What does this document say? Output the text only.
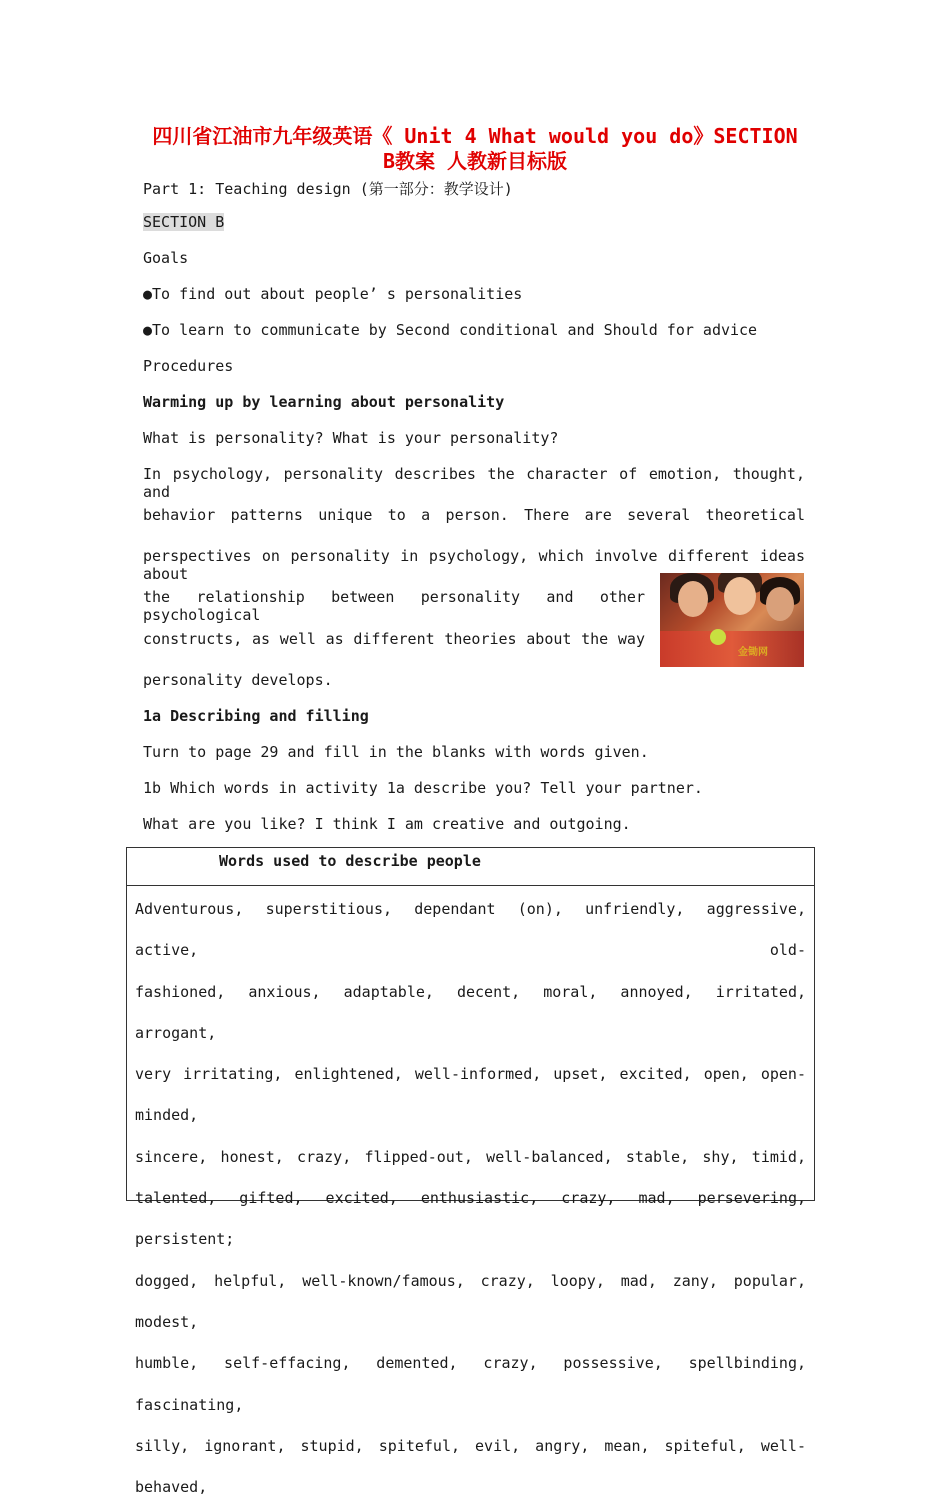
四川省江油市九年级英语《 Unit 4 What would you do》SECTION
B教案 人教新目标版
Part 1: Teaching design (第一部分：教学设计)
SECTION B
Goals
●To find out about people’ s personalities
●To learn to communicate by Second conditional and Should for advice
Procedures
Warming up by learning about personality
What is personality? What is your personality?
In psychology, personality describes the character of emotion, thought, and
behavior patterns unique to a person. There are several theoretical
perspectives on personality in psychology, which involve different ideas about
the relationship between personality and other psychological
constructs, as well as different theories about the way
personality develops.
金锄网
1a Describing and filling
Turn to page 29 and fill in the blanks with words given.
1b Which words in activity 1a describe you? Tell your partner.
What are you like? I think I am creative and outgoing.
Words used to describe people
Adventurous, superstitious, dependant (on), unfriendly, aggressive, active, old-
fashioned, anxious, adaptable, decent, moral, annoyed, irritated, arrogant,
very irritating, enlightened, well-informed, upset, excited, open, open-minded,
sincere, honest, crazy, flipped-out, well-balanced, stable, shy, timid,
talented, gifted, excited, enthusiastic, crazy, mad, persevering, persistent;
dogged, helpful, well-known/famous, crazy, loopy, mad, zany, popular, modest,
humble, self-effacing, demented, crazy, possessive, spellbinding, fascinating,
silly, ignorant, stupid, spiteful, evil, angry, mean, spiteful, well-behaved,
